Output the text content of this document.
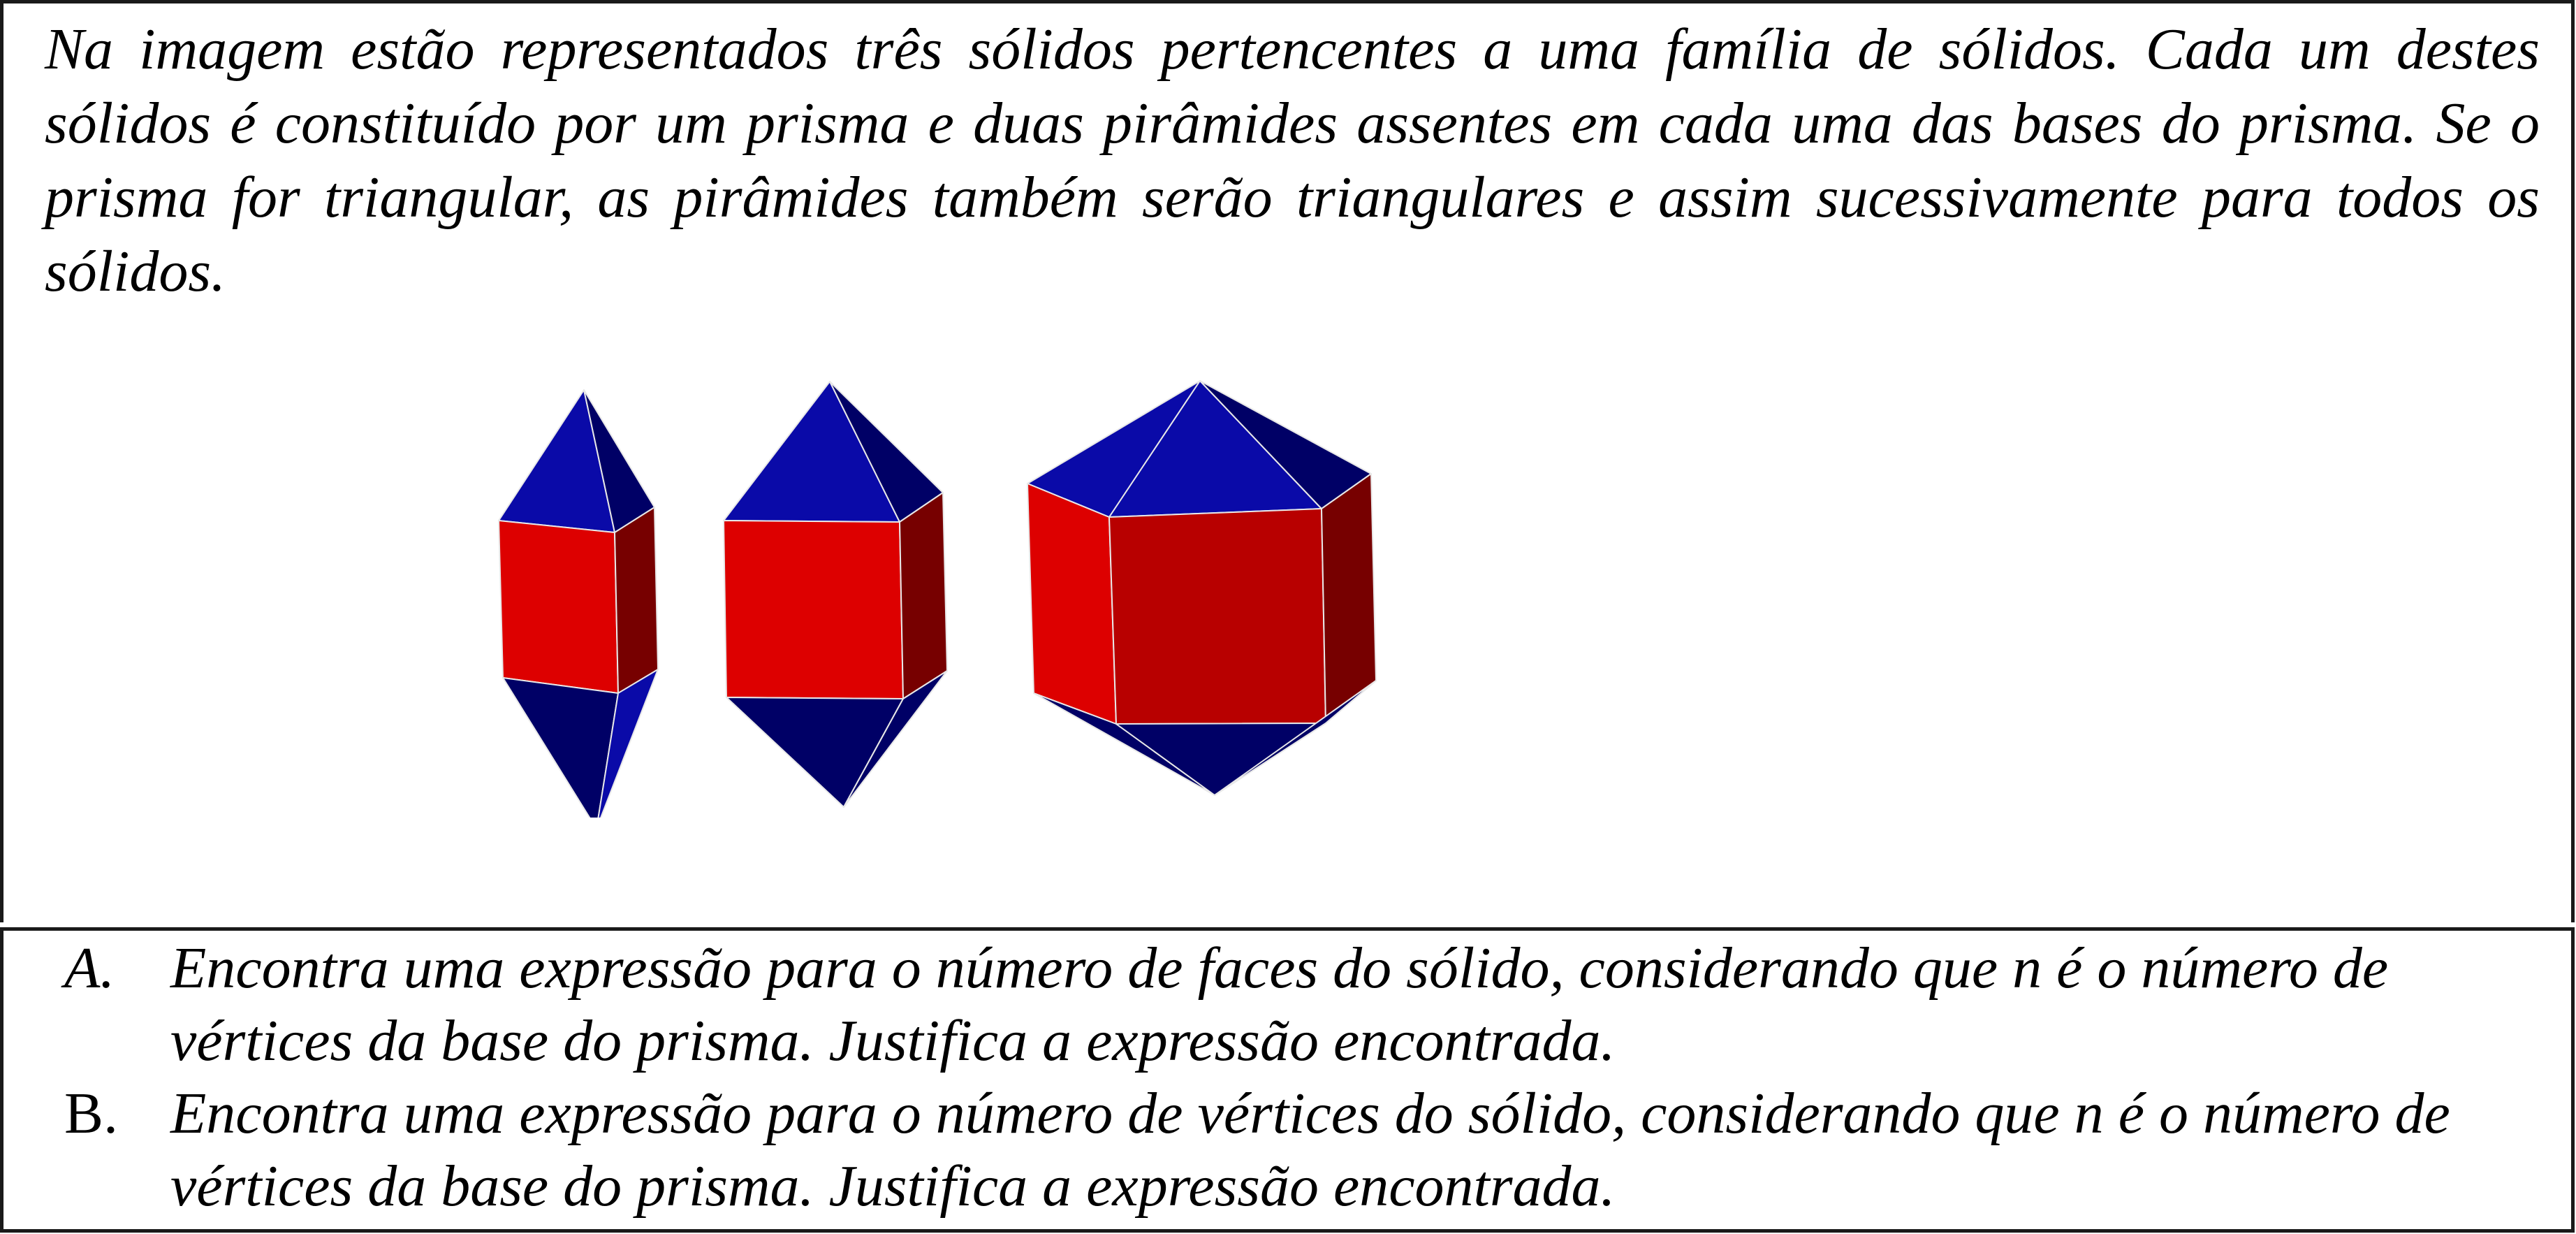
Na imagem estão representados três sólidos pertencentes a uma família de sólidos. Cada um destes sólidos é constituído por um prisma e duas pirâmides assentes em cada uma das bases do prisma. Se o prisma for triangular, as pirâmides também serão triangulares e assim sucessivamente para todos os sólidos.

A. Encontra uma expressão para o número de faces do sólido, considerando que n é o número de vértices da base do prisma. Justifica a expressão encontrada.
B. Encontra uma expressão para o número de vértices do sólido, considerando que n é o número de vértices da base do prisma. Justifica a expressão encontrada.
